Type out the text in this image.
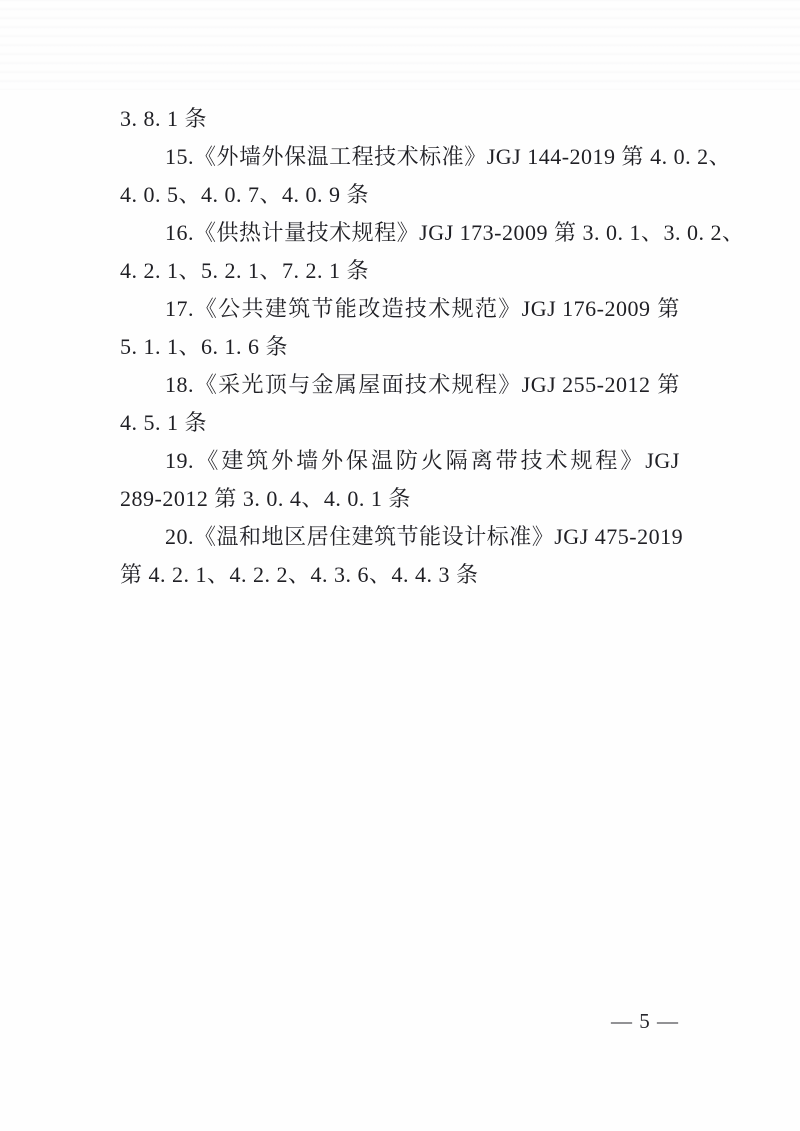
3. 8. 1 条
15. 《 外 墙 外 保 温 工 程 技 术 标 准 》 JGJ 144-2019 第 4. 0. 2 、
4. 0. 5、4. 0. 7、4. 0. 9 条
16. 《 供 热 计 量 技 术 规 程 》 JGJ 173-2009 第 3. 0. 1 、 3. 0. 2 、
4. 2. 1、5. 2. 1、7. 2. 1 条
17. 《 公 共 建 筑 节 能 改 造 技 术 规 范 》 JGJ 176-2009 第
5. 1. 1、6. 1. 6 条
18. 《 采 光 顶 与 金 属 屋 面 技 术 规 程 》 JGJ 255-2012 第
4. 5. 1 条
19. 《 建 筑 外 墙 外 保 温 防 火 隔 离 带 技 术 规 程 》 JGJ
289-2012 第 3. 0. 4、4. 0. 1 条
20. 《 温 和 地 区 居 住 建 筑 节 能 设 计 标 准 》 JGJ 475-2019
第 4. 2. 1、4. 2. 2、4. 3. 6、4. 4. 3 条
— 5 —
